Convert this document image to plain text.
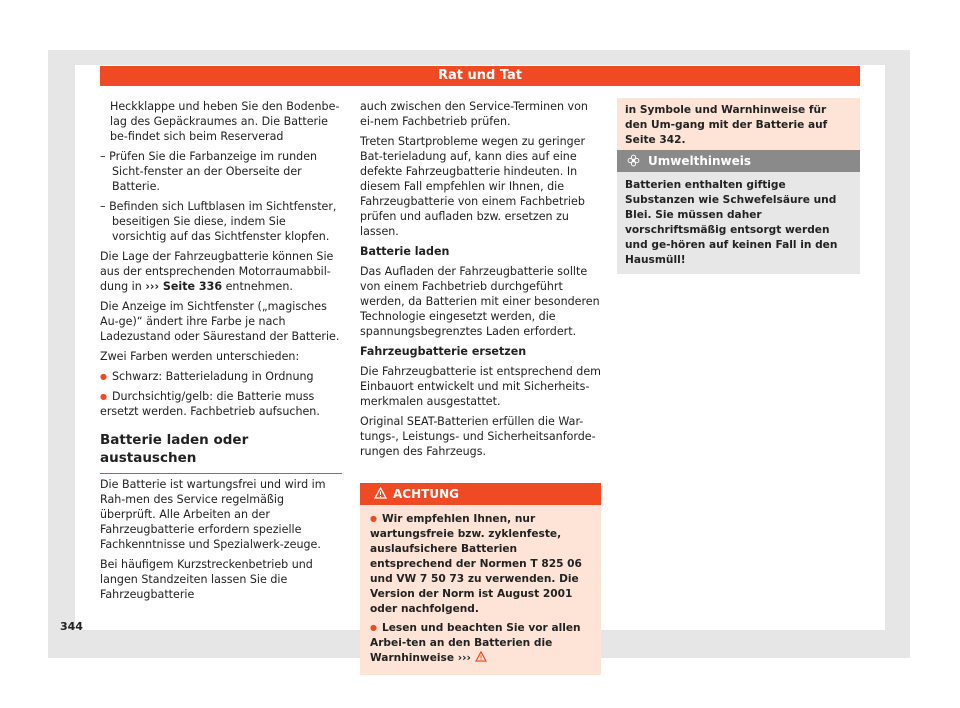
Rat und Tat

Heckklappe und heben Sie den Bodenbe-lag des Gepäckraumes an. Die Batterie be-findet sich beim Reserverad

– Prüfen Sie die Farbanzeige im runden Sicht-fenster an der Oberseite der Batterie.

– Befinden sich Luftblasen im Sichtfenster, beseitigen Sie diese, indem Sie vorsichtig auf das Sichtfenster klopfen.

Die Lage der Fahrzeugbatterie können Sie aus der entsprechenden Motorraumabbil-dung in ››› Seite 336 entnehmen.

Die Anzeige im Sichtfenster („magisches Au-ge)“ ändert ihre Farbe je nach Ladezustand oder Säurestand der Batterie.

Zwei Farben werden unterschieden:

● Schwarz: Batterieladung in Ordnung

● Durchsichtig/gelb: die Batterie muss ersetzt werden. Fachbetrieb aufsuchen.

Batterie laden oder austauschen

Die Batterie ist wartungsfrei und wird im Rah-men des Service regelmäßig überprüft. Alle Arbeiten an der Fahrzeugbatterie erfordern spezielle Fachkenntnisse und Spezialwerk-zeuge.

Bei häufigem Kurzstreckenbetrieb und langen Standzeiten lassen Sie die Fahrzeugbatterie

auch zwischen den Service-Terminen von ei-nem Fachbetrieb prüfen.

Treten Startprobleme wegen zu geringer Bat-terieladung auf, kann dies auf eine defekte Fahrzeugbatterie hindeuten. In diesem Fall empfehlen wir Ihnen, die Fahrzeugbatterie von einem Fachbetrieb prüfen und aufladen bzw. ersetzen zu lassen.

Batterie laden

Das Aufladen der Fahrzeugbatterie sollte von einem Fachbetrieb durchgeführt werden, da Batterien mit einer besonderen Technologie eingesetzt werden, die spannungsbegrenztes Laden erfordert.

Fahrzeugbatterie ersetzen

Die Fahrzeugbatterie ist entsprechend dem Einbauort entwickelt und mit Sicherheits-merkmalen ausgestattet.

Original SEAT-Batterien erfüllen die War-tungs-, Leistungs- und Sicherheitsanforde-rungen des Fahrzeugs.

ACHTUNG

● Wir empfehlen Ihnen, nur wartungsfreie bzw. zyklenfeste, auslaufsichere Batterien entsprechend der Normen T 825 06 und VW 7 50 73 zu verwenden. Die Version der Norm ist August 2001 oder nachfolgend.

● Lesen und beachten Sie vor allen Arbei-ten an den Batterien die Warnhinweise ›››

in Symbole und Warnhinweise für den Um-gang mit der Batterie auf Seite 342.
Umwelthinweis
Batterien enthalten giftige Substanzen wie Schwefelsäure und Blei. Sie müssen daher vorschriftsmäßig entsorgt werden und ge-hören auf keinen Fall in den Hausmüll!
344
